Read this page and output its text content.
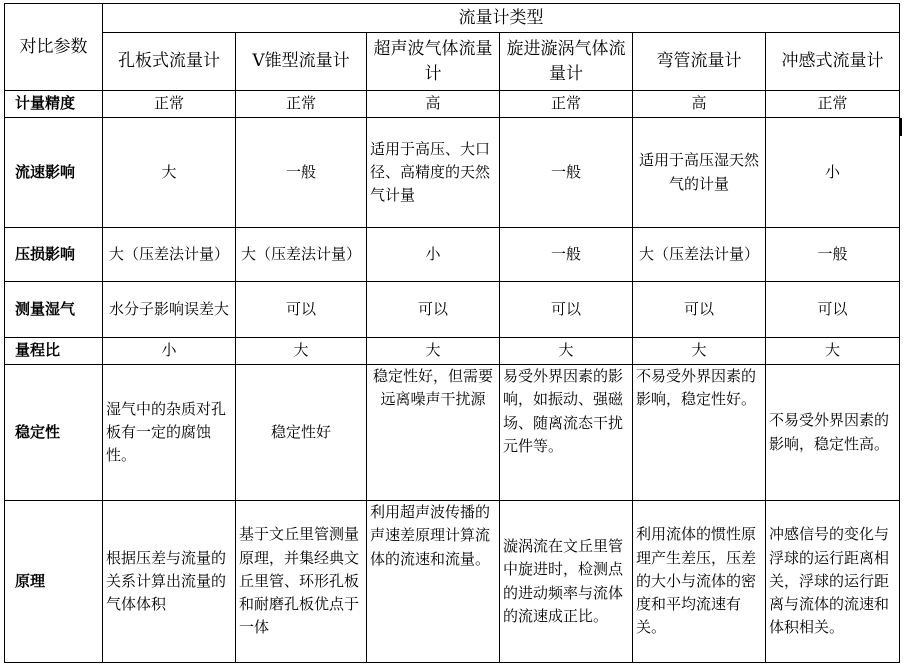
对比参数	流量计类型					
	孔板式流量计	V锥型流量计	超声波气体流量计	旋进漩涡气体流量计	弯管流量计	冲感式流量计
计量精度	正常	正常	高	正常	高	正常
流速影响	大	一般	适用于高压、大口径、高精度的天然气计量	一般	适用于高压湿天然气的计量	小
压损影响	大（压差法计量）	大（压差法计量）	小	一般	大（压差法计量）	一般
测量湿气	水分子影响误差大	可以	可以	可以	可以	可以
量程比	小	大	大	大	大	大
稳定性	湿气中的杂质对孔板有一定的腐蚀性。	稳定性好	稳定性好，但需要远离噪声干扰源	易受外界因素的影响，如振动、强磁场、随离流态干扰元件等。	不易受外界因素的影响，稳定性好。	不易受外界因素的影响，稳定性高。
原理	根据压差与流量的关系计算出流量的气体体积	基于文丘里管测量原理，并集经典文丘里管、环形孔板和耐磨孔板优点于一体	利用超声波传播的声速差原理计算流体的流速和流量。	漩涡流在文丘里管中旋进时，检测点的进动频率与流体的流速成正比。	利用流体的惯性原理产生差压，压差的大小与流体的密度和平均流速有关。	冲感信号的变化与浮球的运行距离相关，浮球的运行距离与流体的流速和体积相关。
